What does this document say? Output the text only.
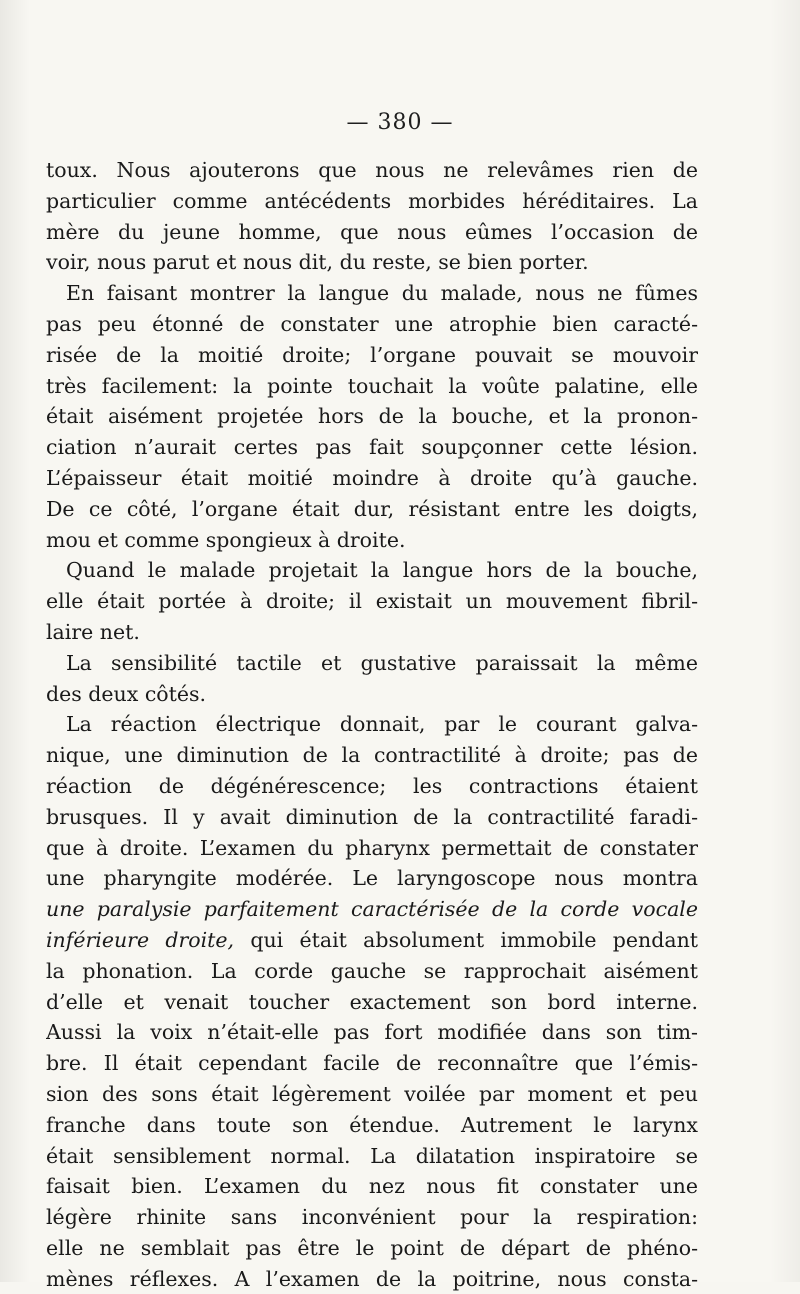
— 380 —
toux. Nous ajouterons que nous ne relevâmes rien de
particulier comme antécédents morbides héréditaires. La
mère du jeune homme, que nous eûmes l’occasion de
voir, nous parut et nous dit, du reste, se bien porter.
En faisant montrer la langue du malade, nous ne fûmes
pas peu étonné de constater une atrophie bien caracté-
risée de la moitié droite; l’organe pouvait se mouvoir
très facilement: la pointe touchait la voûte palatine, elle
était aisément projetée hors de la bouche, et la pronon-
ciation n’aurait certes pas fait soupçonner cette lésion.
L’épaisseur était moitié moindre à droite qu’à gauche.
De ce côté, l’organe était dur, résistant entre les doigts,
mou et comme spongieux à droite.
Quand le malade projetait la langue hors de la bouche,
elle était portée à droite; il existait un mouvement fibril-
laire net.
La sensibilité tactile et gustative paraissait la même
des deux côtés.
La réaction électrique donnait, par le courant galva-
nique, une diminution de la contractilité à droite; pas de
réaction de dégénérescence; les contractions étaient
brusques. Il y avait diminution de la contractilité faradi-
que à droite. L’examen du pharynx permettait de constater
une pharyngite modérée. Le laryngoscope nous montra
une paralysie parfaitement caractérisée de la corde vocale
inférieure droite, qui était absolument immobile pendant
la phonation. La corde gauche se rapprochait aisément
d’elle et venait toucher exactement son bord interne.
Aussi la voix n’était-elle pas fort modifiée dans son tim-
bre. Il était cependant facile de reconnaître que l’émis-
sion des sons était légèrement voilée par moment et peu
franche dans toute son étendue. Autrement le larynx
était sensiblement normal. La dilatation inspiratoire se
faisait bien. L’examen du nez nous fit constater une
légère rhinite sans inconvénient pour la respiration:
elle ne semblait pas être le point de départ de phéno-
mènes réflexes. A l’examen de la poitrine, nous consta-
